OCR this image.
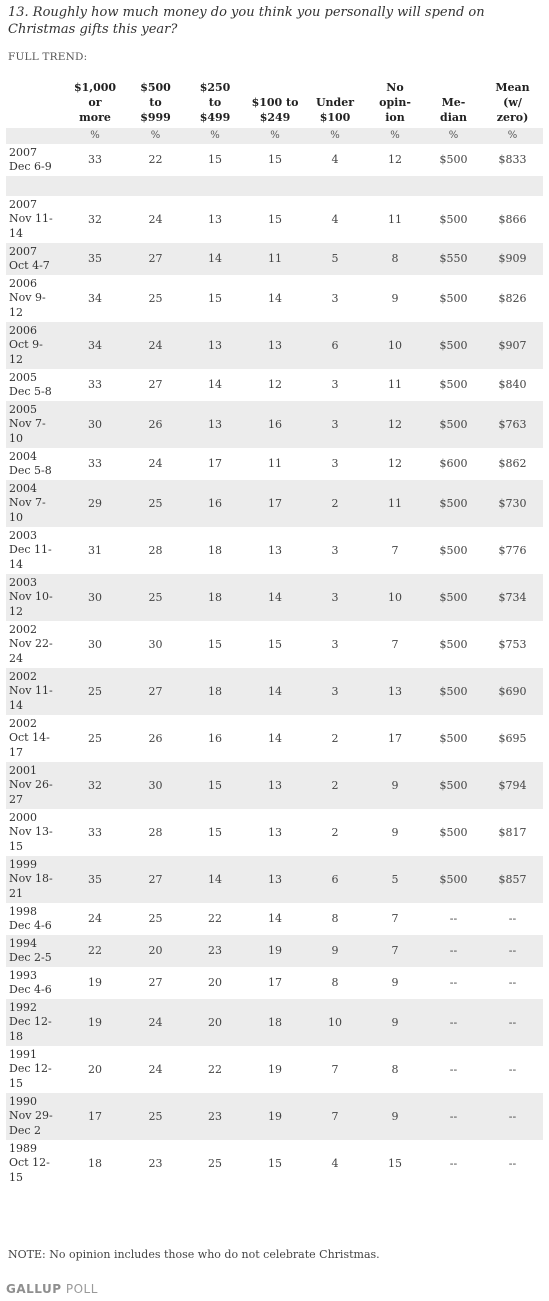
13. Roughly how much money do you think you personally will spend on Christmas gifts this year?
FULL TREND:
	$1,000
or
more	$500
to
$999	$250
to
$499	$100 to
$249	Under
$100	No
opin-
ion	Me-
dian	Mean
(w/
zero)
	%	%	%	%	%	%	%	%
2007
Dec 6-9	33	22	15	15	4	12	$500	$833

2007
Nov 11-
14	32	24	13	15	4	11	$500	$866
2007
Oct 4-7	35	27	14	11	5	8	$550	$909
2006
Nov 9-
12	34	25	15	14	3	9	$500	$826
2006
Oct 9-
12	34	24	13	13	6	10	$500	$907
2005
Dec 5-8	33	27	14	12	3	11	$500	$840
2005
Nov 7-
10	30	26	13	16	3	12	$500	$763
2004
Dec 5-8	33	24	17	11	3	12	$600	$862
2004
Nov 7-
10	29	25	16	17	2	11	$500	$730
2003
Dec 11-
14	31	28	18	13	3	7	$500	$776
2003
Nov 10-
12	30	25	18	14	3	10	$500	$734
2002
Nov 22-
24	30	30	15	15	3	7	$500	$753
2002
Nov 11-
14	25	27	18	14	3	13	$500	$690
2002
Oct 14-
17	25	26	16	14	2	17	$500	$695
2001
Nov 26-
27	32	30	15	13	2	9	$500	$794
2000
Nov 13-
15	33	28	15	13	2	9	$500	$817
1999
Nov 18-
21	35	27	14	13	6	5	$500	$857
1998
Dec 4-6	24	25	22	14	8	7	--	--
1994
Dec 2-5	22	20	23	19	9	7	--	--
1993
Dec 4-6	19	27	20	17	8	9	--	--
1992
Dec 12-
18	19	24	20	18	10	9	--	--
1991
Dec 12-
15	20	24	22	19	7	8	--	--
1990
Nov 29-
Dec 2	17	25	23	19	7	9	--	--
1989
Oct 12-
15	18	23	25	15	4	15	--	--
NOTE: No opinion includes those who do not celebrate Christmas.
GALLUP POLL
